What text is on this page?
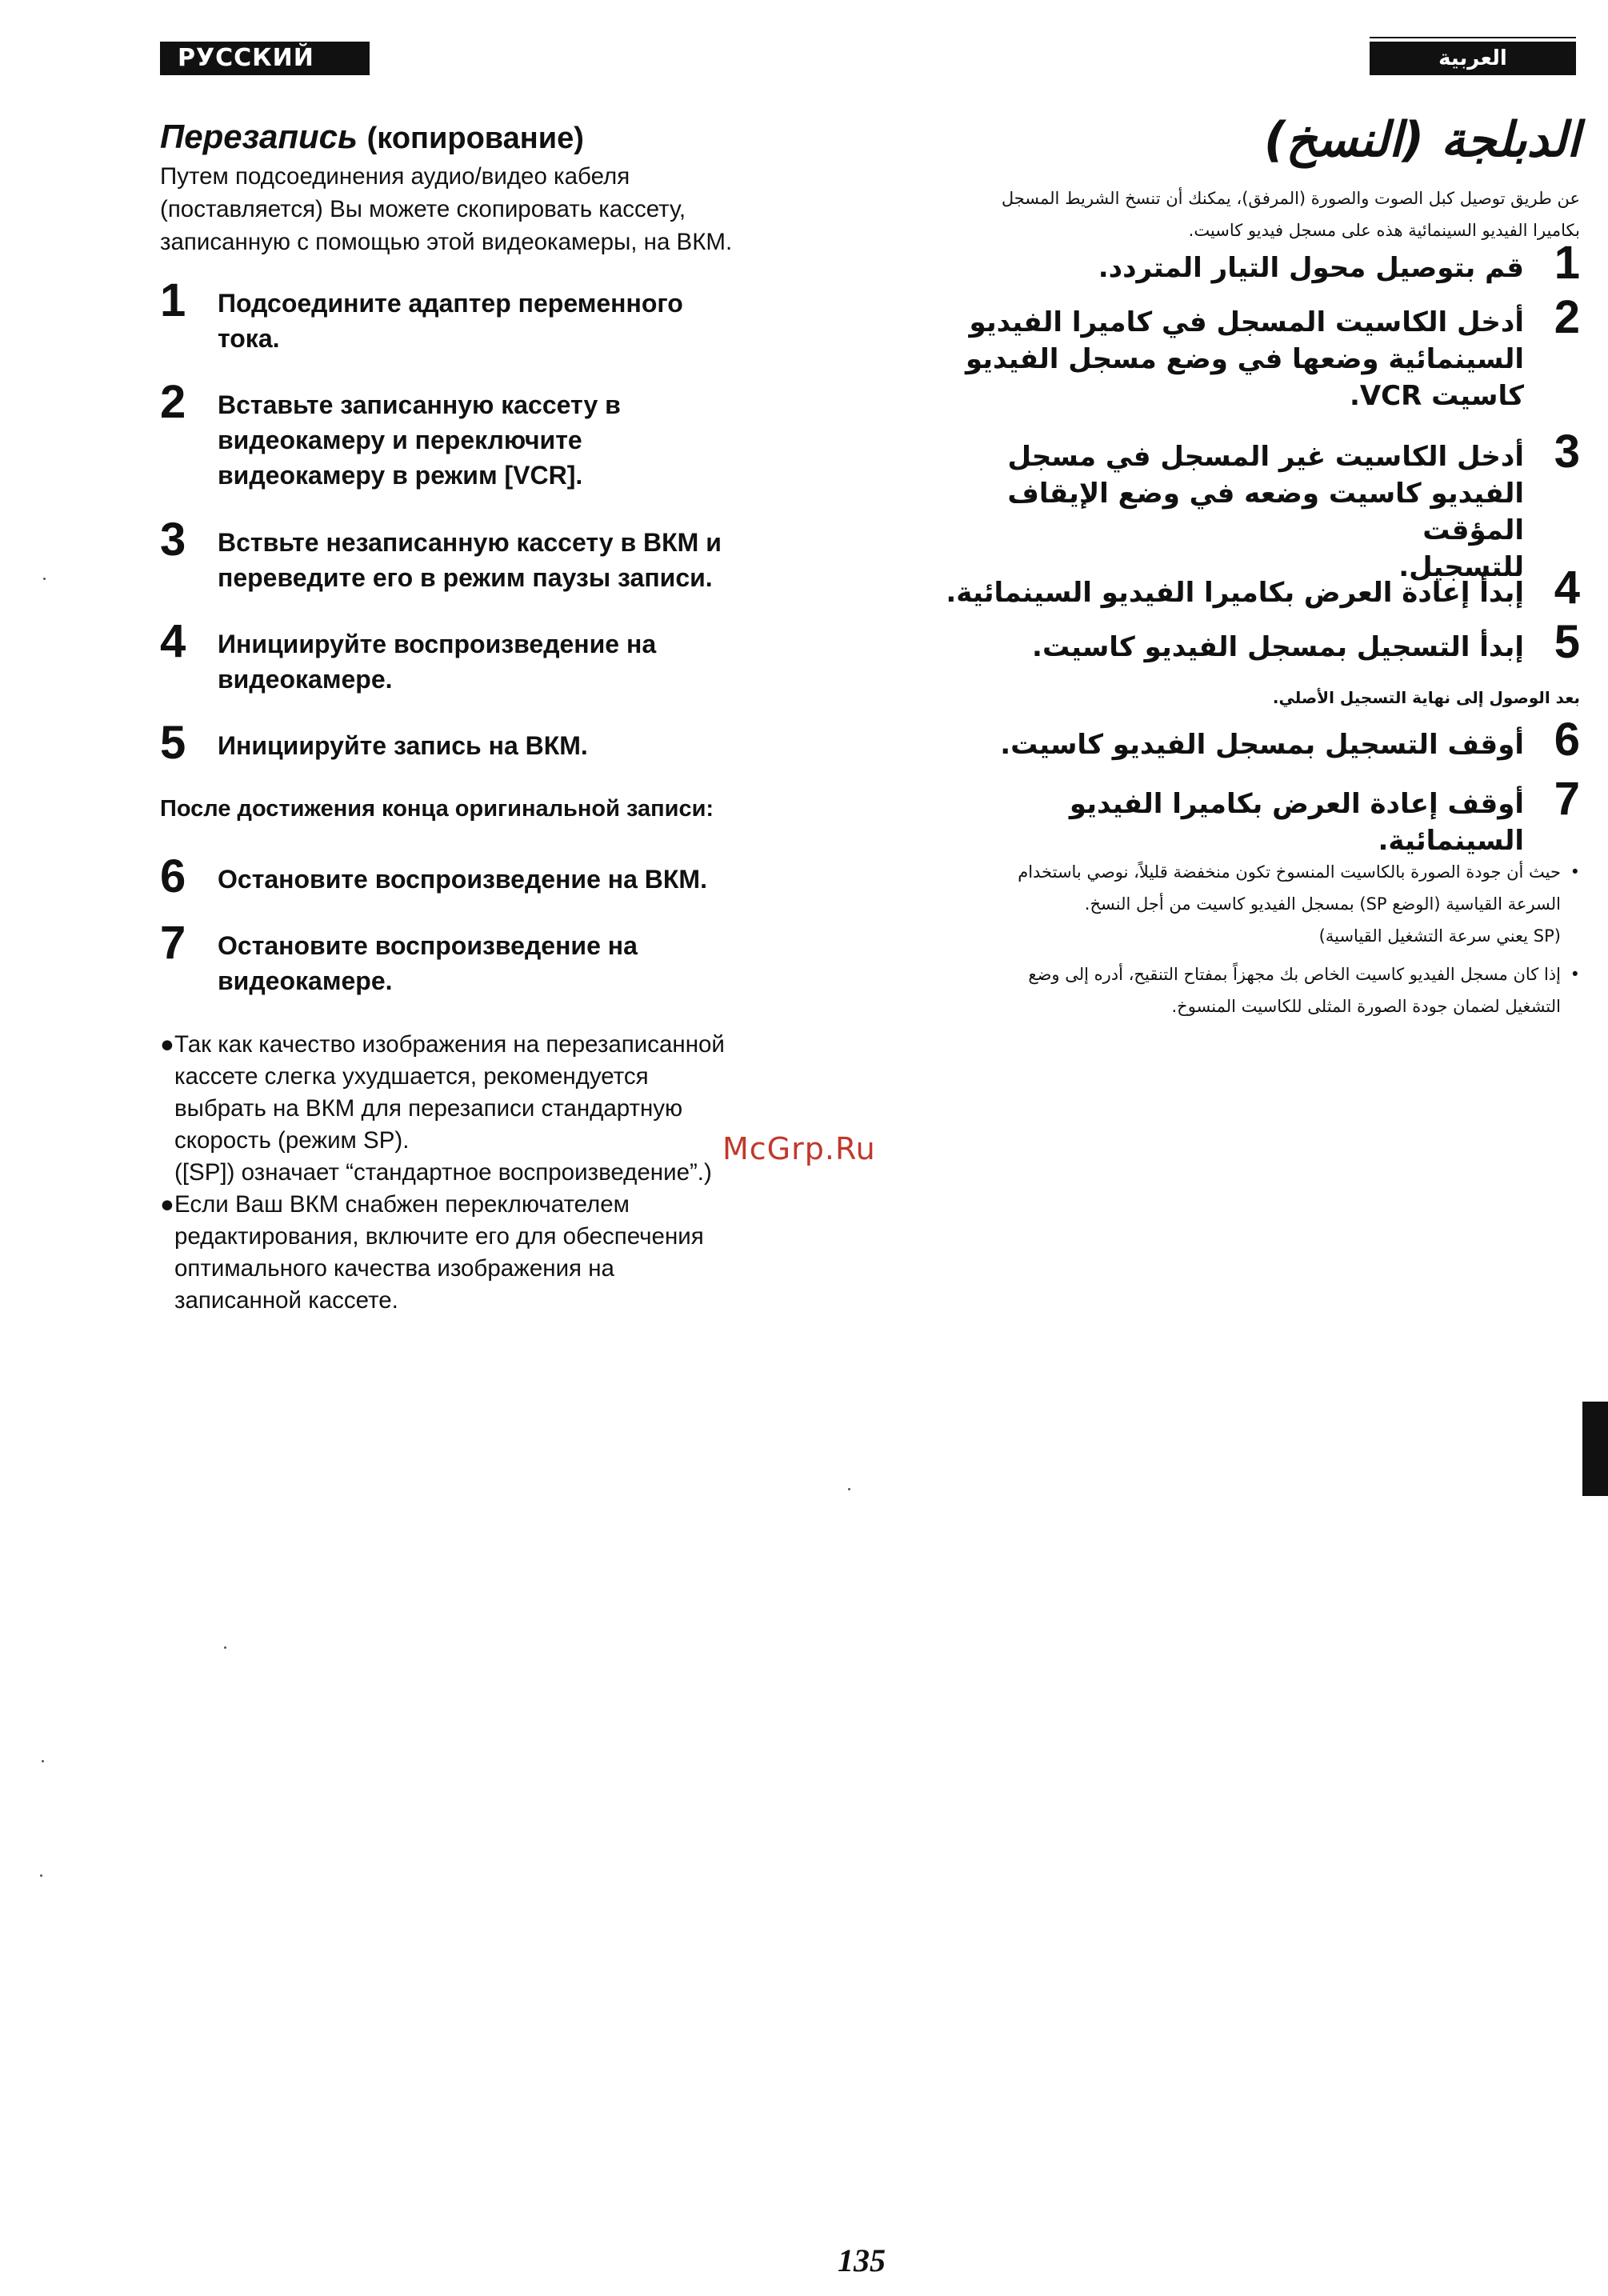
РУССКИЙ ЯЗЫК
العربية
Перезапись (копирование)
Путем подсоединения аудио/видео кабеля
(поставляется) Вы можете скопировать кассету,
записанную с помощью этой видеокамеры, на ВКМ.
1 Подсоедините адаптер переменного
тока.
2 Вставьте записанную кассету в
видеокамеру и переключите
видеокамеру в режим [VCR].
3 Вствьте незаписанную кассету в ВКМ и
переведите его в режим паузы записи.
4 Инициируйте воспроизведение на
видеокамере.
5 Инициируйте запись на ВКМ.
После достижения конца оригинальной записи:
6 Остановите воспроизведение на ВКМ.
7 Остановите воспроизведение на
видеокамере.
● Так как качество изображения на перезаписанной
кассете слегка ухудшается, рекомендуется
выбрать на ВКМ для перезаписи стандартную
скорость (режим SP).
([SP]) означает “стандартное воспроизведение”.)
● Если Ваш ВКМ снабжен переключателем
редактирования, включите его для обеспечения
оптимального качества изображения на
записанной кассете.
الدبلجة (النسخ)
عن طريق توصيل كبل الصوت والصورة (المرفق)، يمكنك أن تنسخ الشريط المسجل
بكاميرا الفيديو السينمائية هذه على مسجل فيديو كاسيت.
1
قم بتوصيل محول التيار المتردد.
2
أدخل الكاسيت المسجل في كاميرا الفيديو
السينمائية وضعها في وضع مسجل الفيديو
كاسيت VCR.
3
أدخل الكاسيت غير المسجل في مسجل
الفيديو كاسيت وضعه في وضع الإيقاف المؤقت
للتسجيل. 4
إبدأ إعادة العرض بكاميرا الفيديو السينمائية.
5
إبدأ التسجيل بمسجل الفيديو كاسيت.
بعد الوصول إلى نهاية التسجيل الأصلي.
6
أوقف التسجيل بمسجل الفيديو كاسيت.
7
أوقف إعادة العرض بكاميرا الفيديو السينمائية.
•
حيث أن جودة الصورة بالكاسيت المنسوخ تكون منخفضة قليلاً، نوصي باستخدام
السرعة القياسية (الوضع SP) بمسجل الفيديو كاسيت من أجل النسخ.
(SP يعني سرعة التشغيل القياسية)
•
إذا كان مسجل الفيديو كاسيت الخاص بك مجهزاً بمفتاح التنقيح، أدره إلى وضع
التشغيل لضمان جودة الصورة المثلى للكاسيت المنسوخ.
McGrp.Ru
135
